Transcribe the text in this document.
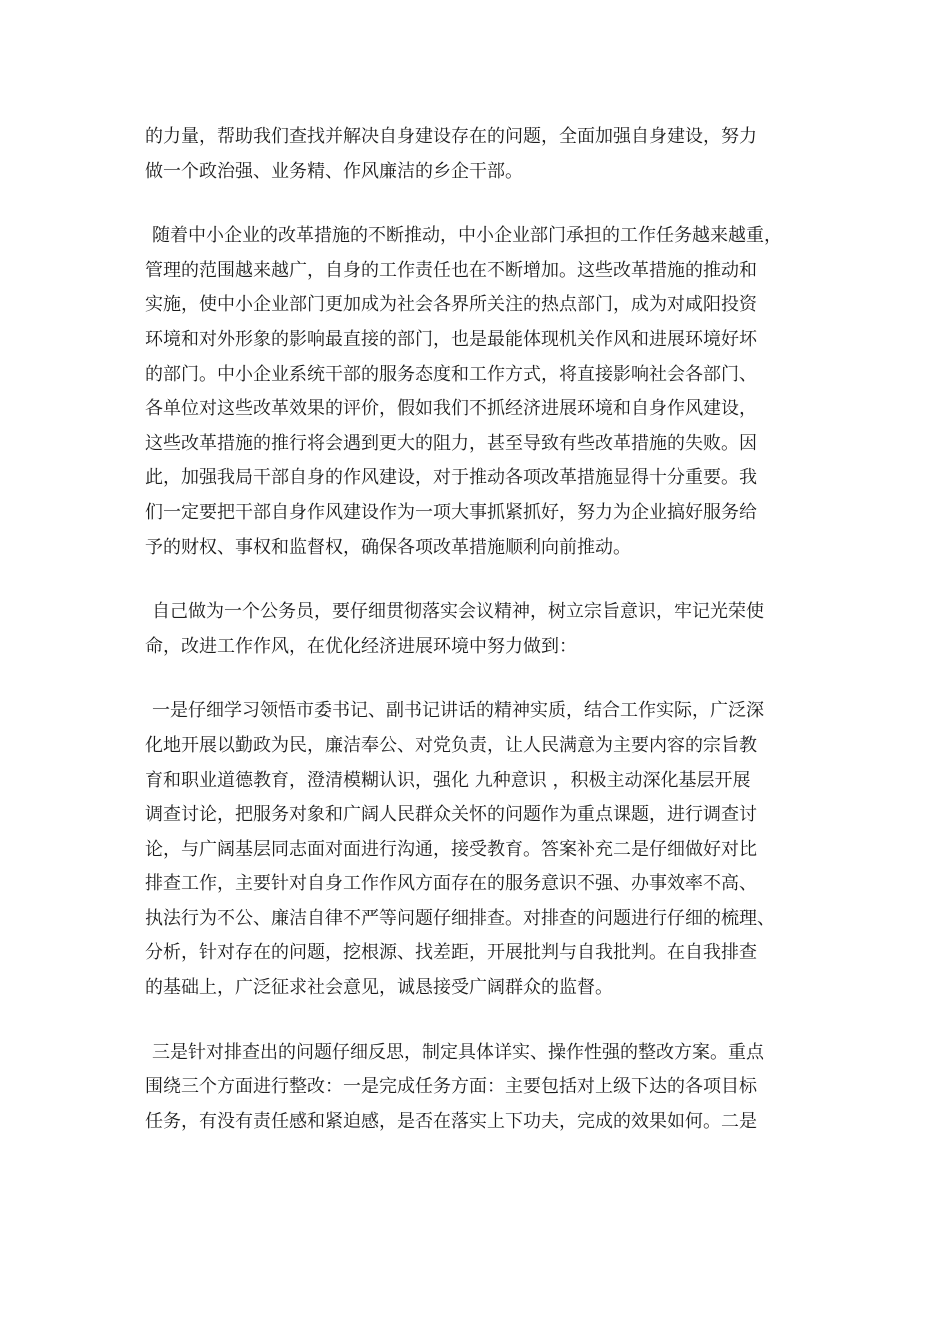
的力量，帮助我们查找并解决自身建设存在的问题，全面加强自身建设，努力
做一个政治强、业务精、作风廉洁的乡企干部。
随着中小企业的改革措施的不断推动，中小企业部门承担的工作任务越来越重，
管理的范围越来越广，自身的工作责任也在不断增加。这些改革措施的推动和
实施，使中小企业部门更加成为社会各界所关注的热点部门，成为对咸阳投资
环境和对外形象的影响最直接的部门，也是最能体现机关作风和进展环境好坏
的部门。中小企业系统干部的服务态度和工作方式，将直接影响社会各部门、
各单位对这些改革效果的评价，假如我们不抓经济进展环境和自身作风建设，
这些改革措施的推行将会遇到更大的阻力，甚至导致有些改革措施的失败。因
此，加强我局干部自身的作风建设，对于推动各项改革措施显得十分重要。我
们一定要把干部自身作风建设作为一项大事抓紧抓好，努力为企业搞好服务给
予的财权、事权和监督权，确保各项改革措施顺利向前推动。
自己做为一个公务员，要仔细贯彻落实会议精神，树立宗旨意识，牢记光荣使
命，改进工作作风，在优化经济进展环境中努力做到：
一是仔细学习领悟市委书记、副书记讲话的精神实质，结合工作实际，广泛深
化地开展以勤政为民，廉洁奉公、对党负责，让人民满意为主要内容的宗旨教
育和职业道德教育，澄清模糊认识，强化 九种意识 ，积极主动深化基层开展
调查讨论，把服务对象和广阔人民群众关怀的问题作为重点课题，进行调查讨
论，与广阔基层同志面对面进行沟通，接受教育。答案补充二是仔细做好对比
排查工作，主要针对自身工作作风方面存在的服务意识不强、办事效率不高、
执法行为不公、廉洁自律不严等问题仔细排查。对排查的问题进行仔细的梳理、
分析，针对存在的问题，挖根源、找差距，开展批判与自我批判。在自我排查
的基础上，广泛征求社会意见，诚恳接受广阔群众的监督。
三是针对排查出的问题仔细反思，制定具体详实、操作性强的整改方案。重点
围绕三个方面进行整改：一是完成任务方面：主要包括对上级下达的各项目标
任务，有没有责任感和紧迫感，是否在落实上下功夫，完成的效果如何。二是
